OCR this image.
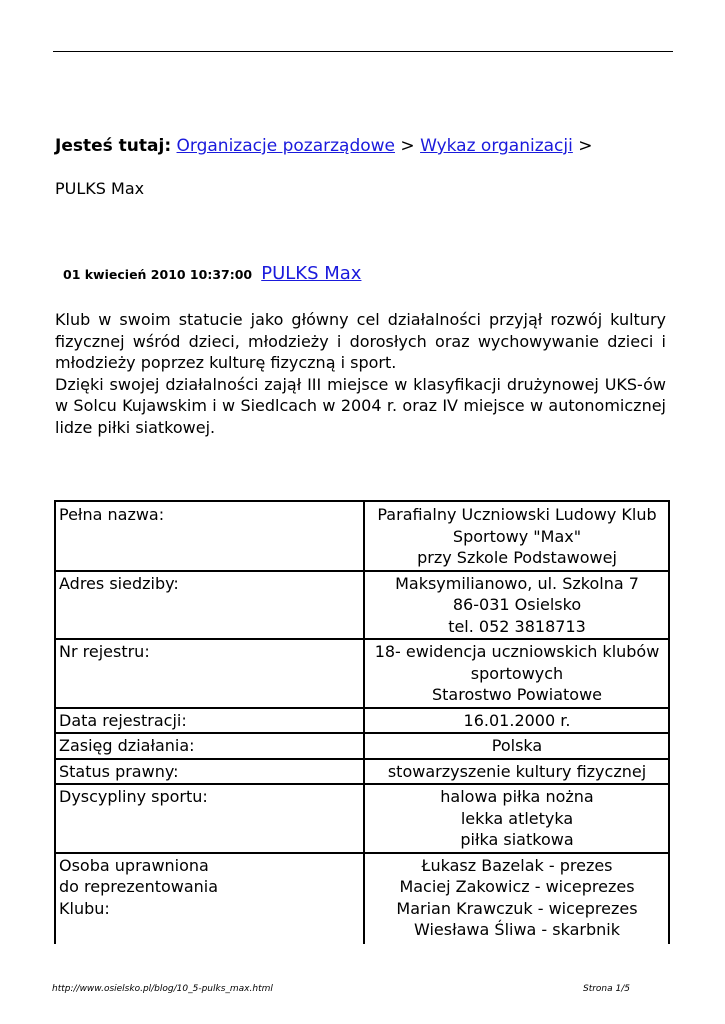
Jesteś tutaj: Organizacje pozarządowe > Wykaz organizacji >
PULKS Max
01 kwiecień 2010 10:37:00 PULKS Max

Klub w swoim statucie jako główny cel działalności przyjął rozwój kultury fizycznej wśród dzieci, młodzieży i dorosłych oraz wychowywanie dzieci i młodzieży poprzez kulturę fizyczną i sport.

Dzięki swojej działalności zajął III miejsce w klasyfikacji drużynowej UKS-ów w Solcu Kujawskim i w Siedlcach w 2004 r. oraz IV miejsce w autonomicznej lidze piłki siatkowej.

Pełna nazwa:	Parafialny Uczniowski Ludowy Klub
Sportowy "Max"
przy Szkole Podstawowej

Adres siedziby:	Maksymilianowo, ul. Szkolna 7
86-031 Osielsko
tel. 052 3818713

Nr rejestru:	18- ewidencja uczniowskich klubów
sportowych
Starostwo Powiatowe

Data rejestracji:	16.01.2000 r.

Zasięg działania:	Polska

Status prawny:	stowarzyszenie kultury fizycznej

Dyscypliny sportu:	halowa piłka nożna
lekka atletyka
piłka siatkowa

Osoba uprawniona
do reprezentowania
Klubu:	Łukasz Bazelak - prezes
Maciej Zakowicz - wiceprezes
Marian Krawczuk - wiceprezes
Wiesława Śliwa - skarbnik
http://www.osielsko.pl/blog/10_5-pulks_max.html	Strona 1/5
